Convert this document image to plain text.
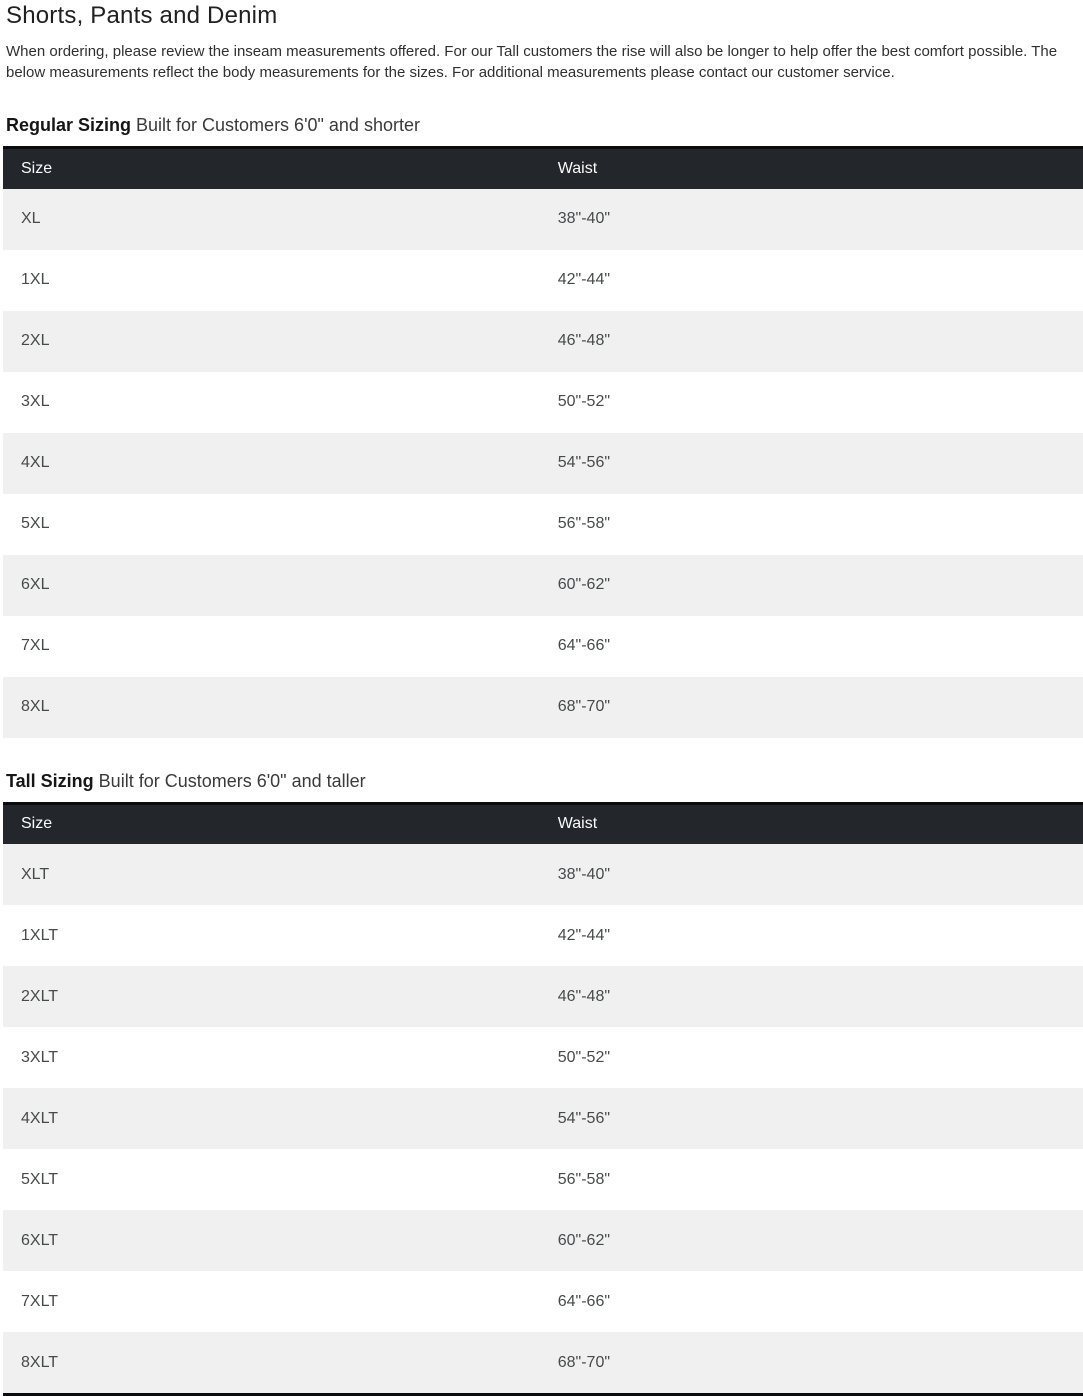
Shorts, Pants and Denim

When ordering, please review the inseam measurements offered. For our Tall customers the rise will also be longer to help offer the best comfort possible. The below measurements reflect the body measurements for the sizes. For additional measurements please contact our customer service.

Regular Sizing Built for Customers 6'0" and shorter
Size	Waist
XL	38"-40"
1XL	42"-44"
2XL	46"-48"
3XL	50"-52"
4XL	54"-56"
5XL	56"-58"
6XL	60"-62"
7XL	64"-66"
8XL	68"-70"
Tall Sizing Built for Customers 6'0" and taller
Size	Waist
XLT	38"-40"
1XLT	42"-44"
2XLT	46"-48"
3XLT	50"-52"
4XLT	54"-56"
5XLT	56"-58"
6XLT	60"-62"
7XLT	64"-66"
8XLT	68"-70"
